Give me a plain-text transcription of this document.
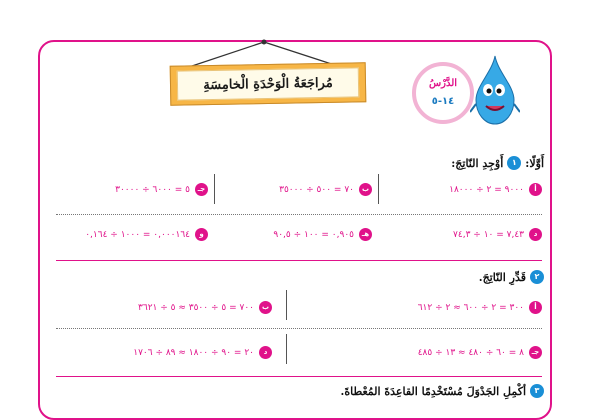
مُراجَعَةُ الْوَحْدَةِ الْخامِسَةِ	الدَّرْسُ
١٤-٥
أَوَّلًا:
١
أَوْجِدِ النّاتِجَ:
أ
٩٠٠٠ = ٢ ÷ ١٨٠٠٠
ب
٧٠ = ٥٠٠ ÷ ٣٥٠٠٠
جـ
٥ = ٦٠٠٠ ÷ ٣٠٠٠٠
د
٧,٤٣ = ١٠ ÷ ٧٤,٣
هـ
٠,٩٠٥ = ١٠٠ ÷ ٩٠,٥
و
٠,٠٠٠١٦٤ = ١٠٠٠ ÷ ٠,١٦٤
٢
قَدِّرِ النّاتِجَ.
أ
٣٠٠ = ٢ ÷ ٦٠٠ ≈ ٢ ÷ ٦١٢
ب
٧٠٠ = ٥ ÷ ٣٥٠٠ ≈ ٥ ÷ ٣٦٢١
جـ
٨ = ٦٠ ÷ ٤٨٠ ≈ ١٣ ÷ ٤٨٥
د
٢٠ = ٩٠ ÷ ١٨٠٠ ≈ ٨٩ ÷ ١٧٠٦
٣
أكْمِلِ الجَدْوَلَ مُسْتَخْدِمًا القاعِدَةَ المُعْطاةَ.
